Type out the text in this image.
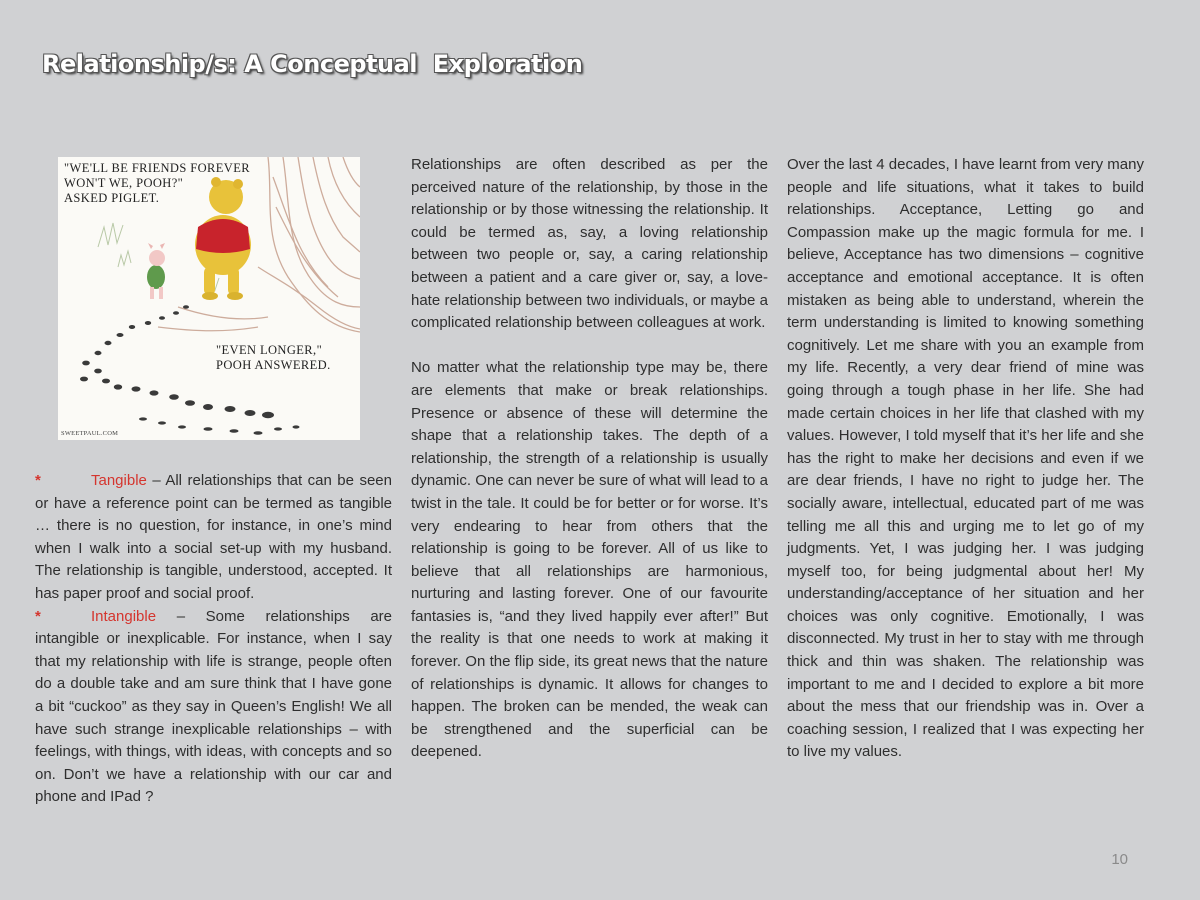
Relationship/s: A Conceptual  Exploration
"WE'LL BE FRIENDS FOREVER
WON'T WE, POOH?"
ASKED PIGLET.
"EVEN LONGER,"
POOH ANSWERED.
SWEETPAUL.COM

*	Tangible – All relationships that can be seen or have a reference point can be termed as tangible … there is no question, for instance, in one’s mind when I walk into a social set-up with my husband. The relationship is tangible, understood, accepted. It has paper proof and social proof.

*	Intangible – Some relationships are intangible or inexplicable. For instance, when I say that my relationship with life is strange, people often do a double take and am sure think that I have gone a bit “cuckoo” as they say in Queen’s English! We all have such strange inexplicable relationships – with feelings, with things, with ideas, with concepts and so on. Don’t we have a relationship with our car and phone and IPad ?

Relationships are often described as per the perceived nature of the relationship, by those in the relationship or by those witnessing the relationship. It could be termed as, say, a loving relationship between two people or, say, a caring relationship between a patient and a care giver or, say, a love-hate relationship between two individuals, or maybe a complicated relationship between colleagues at work.

No matter what the relationship type may be, there are elements that make or break relationships. Presence or absence of these will determine the shape that a relationship takes. The depth of a relationship, the strength of a relationship is usually dynamic. One can never be sure of what will lead to a twist in the tale. It could be for better or for worse. It’s very endearing to hear from others that the relationship is going to be forever. All of us like to believe that all relationships are harmonious, nurturing and lasting forever. One of our favourite fantasies is, “and they lived happily ever after!” But the reality is that one needs to work at making it forever. On the flip side, its great news that the nature of relationships is dynamic. It allows for changes to happen. The broken can be mended, the weak can be strengthened and the superficial can be deepened.

Over the last 4 decades, I have learnt from very many people and life situations, what it takes to build relationships. Acceptance, Letting go and Compassion make up the magic formula for me. I believe, Acceptance has two dimensions – cognitive acceptance and emotional acceptance. It is often mistaken as being able to understand, wherein the term understanding is limited to knowing something cognitively. Let me share with you an example from my life. Recently, a very dear friend of mine was going through a tough phase in her life. She had made certain choices in her life that clashed with my values. However, I told myself that it’s her life and she has the right to make her decisions and even if we are dear friends, I have no right to judge her. The socially aware, intellectual, educated part of me was telling me all this and urging me to let go of my judgments. Yet, I was judging her. I was judging myself too, for being judgmental about her! My understanding/acceptance of her situation and her choices was only cognitive. Emotionally, I was disconnected. My trust in her to stay with me through thick and thin was shaken. The relationship was important to me and I decided to explore a bit more about the mess that our friendship was in. Over a coaching session, I realized that I was expecting her to live my values.

10
